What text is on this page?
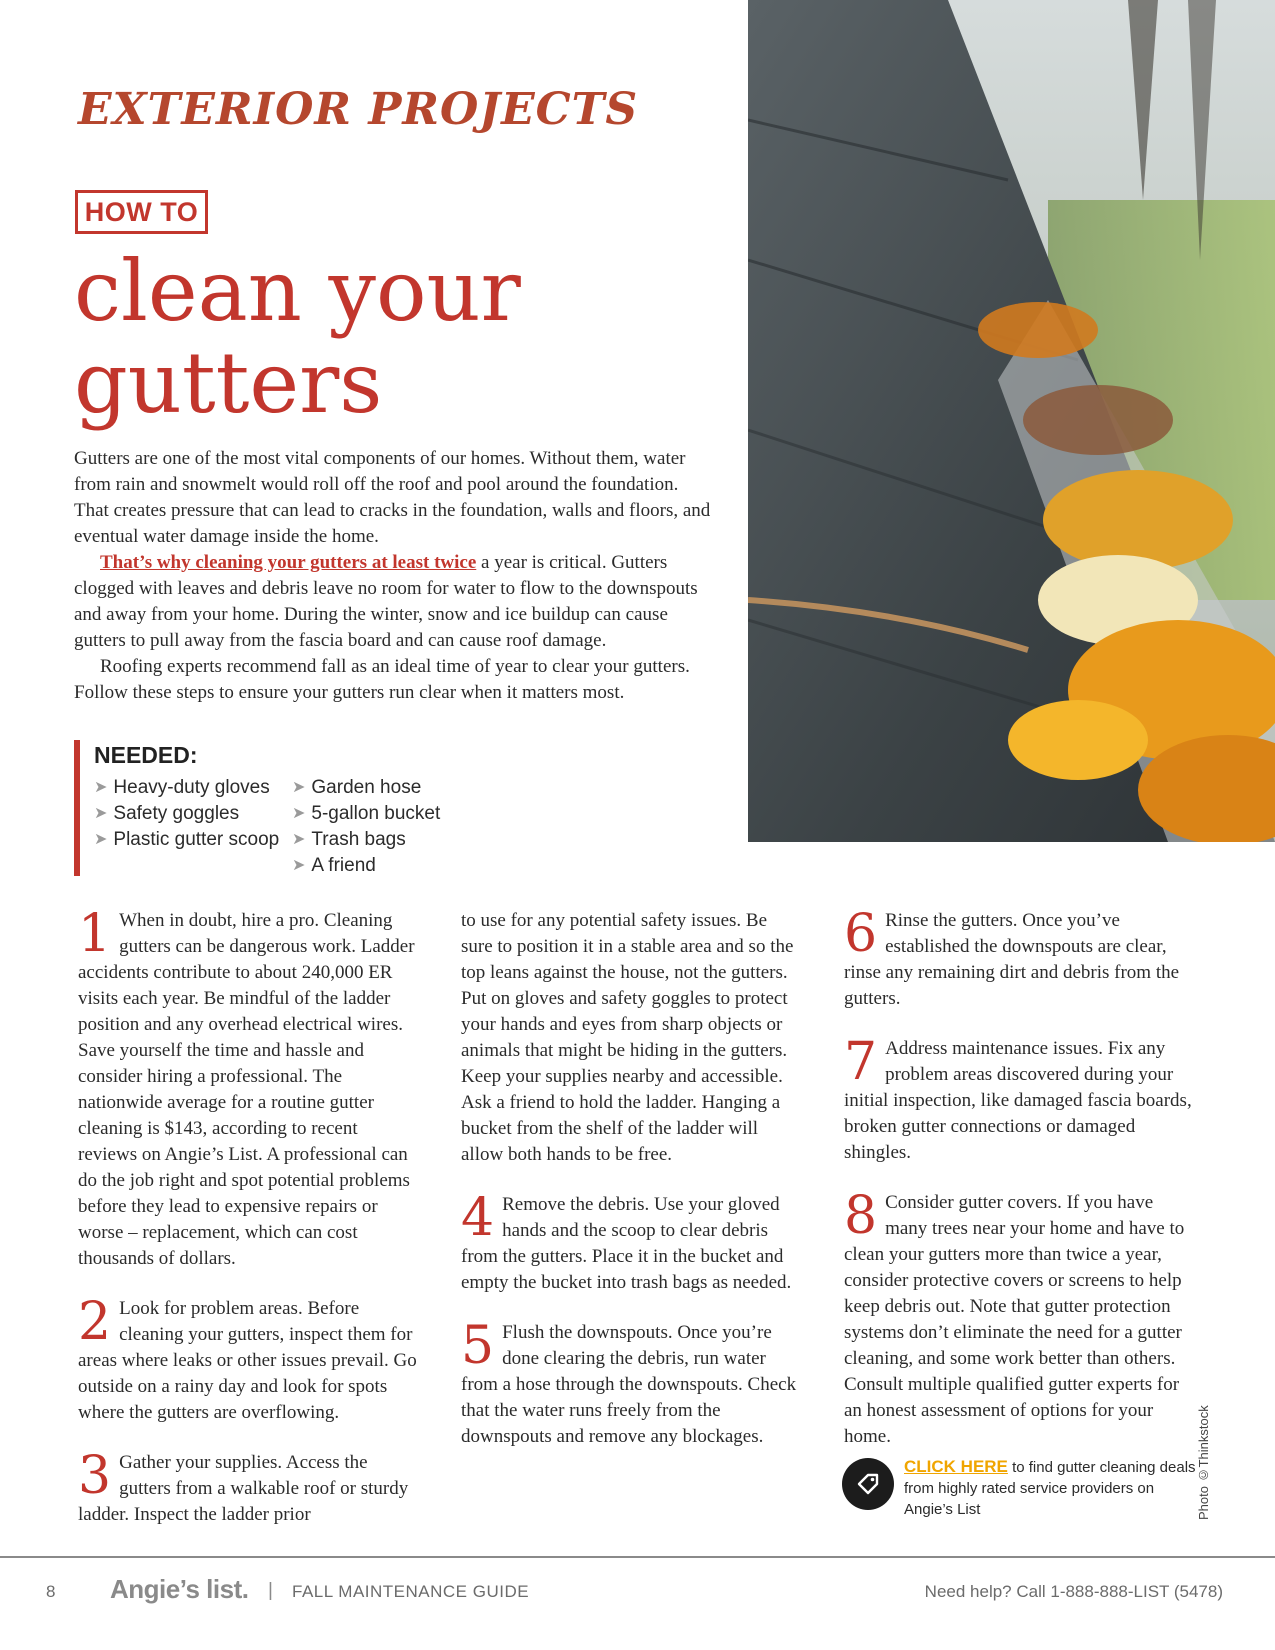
EXTERIOR PROJECTS
HOW TO
clean your
gutters

Gutters are one of the most vital components of our homes. Without them, water from rain and snowmelt would roll off the roof and pool around the foundation. That creates pressure that can lead to cracks in the foundation, walls and floors, and eventual water damage inside the home.

That’s why cleaning your gutters at least twice a year is critical. Gutters clogged with leaves and debris leave no room for water to flow to the downspouts and away from your home. During the winter, snow and ice buildup can cause gutters to pull away from the fascia board and can cause roof damage.

Roofing experts recommend fall as an ideal time of year to clear your gutters. Follow these steps to ensure your gutters run clear when it matters most.

NEEDED:
➤ Heavy-duty gloves
➤ Safety goggles
➤ Plastic gutter scoop
➤ Garden hose
➤ 5-gallon bucket
➤ Trash bags
➤ A friend
1 When in doubt, hire a pro. Cleaning gutters can be dangerous work. Ladder accidents contribute to about 240,000 ER visits each year. Be mindful of the ladder position and any overhead electrical wires. Save yourself the time and hassle and consider hiring a professional. The nationwide average for a routine gutter cleaning is $143, according to recent reviews on Angie’s List. A professional can do the job right and spot potential problems before they lead to expensive repairs or worse – replacement, which can cost thousands of dollars.

2 Look for problem areas. Before cleaning your gutters, inspect them for areas where leaks or other issues prevail. Go outside on a rainy day and look for spots where the gutters are overflowing.

3 Gather your supplies. Access the gutters from a walkable roof or sturdy ladder. Inspect the ladder prior

to use for any potential safety issues. Be sure to position it in a stable area and so the top leans against the house, not the gutters. Put on gloves and safety goggles to protect your hands and eyes from sharp objects or animals that might be hiding in the gutters. Keep your supplies nearby and accessible. Ask a friend to hold the ladder. Hanging a bucket from the shelf of the ladder will allow both hands to be free.

4 Remove the debris. Use your gloved hands and the scoop to clear debris from the gutters. Place it in the bucket and empty the bucket into trash bags as needed.

5 Flush the downspouts. Once you’re done clearing the debris, run water from a hose through the downspouts. Check that the water runs freely from the downspouts and remove any blockages.

6 Rinse the gutters. Once you’ve established the downspouts are clear, rinse any remaining dirt and debris from the gutters.

7 Address maintenance issues. Fix any problem areas discovered during your initial inspection, like damaged fascia boards, broken gutter connections or damaged shingles.

8 Consider gutter covers. If you have many trees near your home and have to clean your gutters more than twice a year, consider protective covers or screens to help keep debris out. Note that gutter protection systems don’t eliminate the need for a gutter cleaning, and some work better than others. Consult multiple qualified gutter experts for an honest assessment of options for your home.

CLICK HERE to find gutter cleaning deals from highly rated service providers on Angie’s List	Photo ©Thinkstock
8 Angie’s list. | FALL MAINTENANCE GUIDE	Need help? Call 1-888-888-LIST (5478)
